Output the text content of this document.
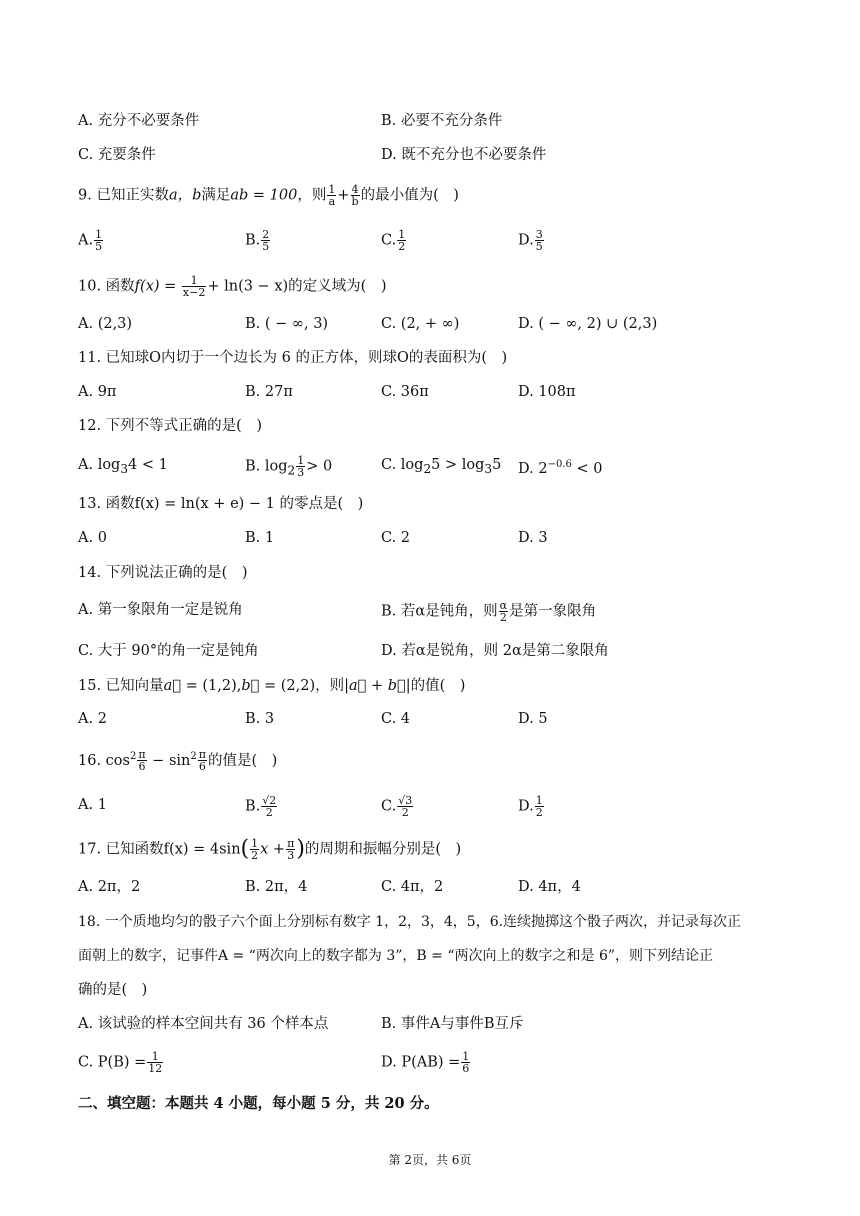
A. 充分不必要条件	B. 必要不充分条件
C. 充要条件	D. 既不充分也不必要条件
9. 已知正实数a，b满足ab = 100，则 $\frac{1}{a} + \frac{4}{b}$ 的最小值为(　)
A. $\frac{1}{5}$	B. $\frac{2}{5}$	C. $\frac{1}{2}$	D. $\frac{3}{5}$
10. 函数$f(x) = \frac{1}{x-2} + \ln(3 - x)$的定义域为(　)
A. (2,3)	B. ( − ∞, 3)	C. (2, + ∞)	D. ( − ∞, 2) ∪ (2,3)
11. 已知球O内切于一个边长为 6 的正方体，则球O的表面积为(　)
A. 9π	B. 27π	C. 36π	D. 108π
12. 下列不等式正确的是(　)
A. $\log_34 < 1$	B. $\log_2 \frac{1}{3} > 0$	C. $\log_25 > \log_35$ D. $2^{-0.6} < 0$
13. 函数f(x) = ln(x + e) − 1 的零点是(　)
A. 0	B. 1	C. 2	D. 3
14. 下列说法正确的是(　)
A. 第一象限角一定是锐角	B. 若α是钝角，则 $\frac{\alpha}{2}$ 是第一象限角
C. 大于 90°的角一定是钝角	D. 若α是锐角，则 2α是第二象限角
15. 已知向量a⃗ = (1,2),b⃗ = (2,2)，则|a⃗ + b⃗|的值(　)
A. 2	B. 3	C. 4	D. 5
16. $\cos^2 \frac{\pi}{6} - \sin^2 \frac{\pi}{6}$ 的值是(　)
A. 1	B. $\frac{√2}{2}$	C. $\frac{√3}{2}$	D. $\frac{1}{2}$
17. 已知函数$f(x) = 4\sin( \frac{1}{2}$ $x + \frac{\pi}{3}$ )的周期和振幅分别是(　)
A. 2π，2	B. 2π，4	C. 4π，2	D. 4π，4
18. 一个质地均匀的骰子六个面上分别标有数字 1，2，3，4，5，6.连续抛掷这个骰子两次，并记录每次正
面朝上的数字，记事件A = “两次向上的数字都为 3”，B = “两次向上的数字之和是 6”，则下列结论正
确的是(　)
A. 该试验的样本空间共有 36 个样本点	B. 事件A与事件B互斥
C. $P(B) = \frac{1}{12}$	D. $P(AB) = \frac{1}{6}$
二、填空题：本题共 4 小题，每小题 5 分，共 20 分。
第 2页，共 6页
